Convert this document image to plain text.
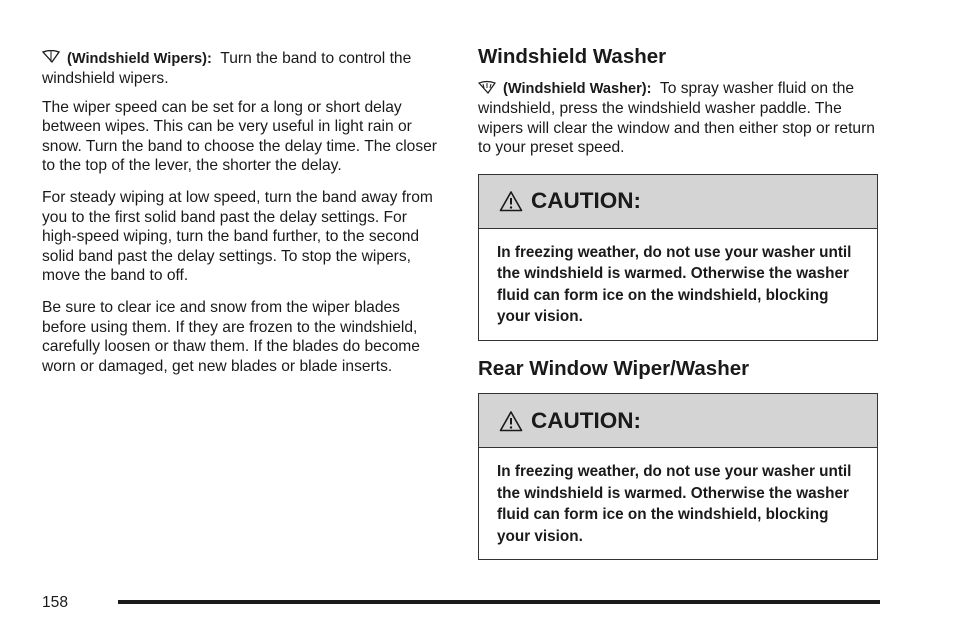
(Windshield Wipers): Turn the band to control the windshield wipers.

The wiper speed can be set for a long or short delay between wipes. This can be very useful in light rain or snow. Turn the band to choose the delay time. The closer to the top of the lever, the shorter the delay.

For steady wiping at low speed, turn the band away from you to the first solid band past the delay settings. For high-speed wiping, turn the band further, to the second solid band past the delay settings. To stop the wipers, move the band to off.

Be sure to clear ice and snow from the wiper blades before using them. If they are frozen to the windshield, carefully loosen or thaw them. If the blades do become worn or damaged, get new blades or blade inserts.

Windshield Washer

(Windshield Washer): To spray washer fluid on the windshield, press the windshield washer paddle. The wipers will clear the window and then either stop or return to your preset speed.

CAUTION:
In freezing weather, do not use your washer until the windshield is warmed. Otherwise the washer fluid can form ice on the windshield, blocking your vision.
Rear Window Wiper/Washer
CAUTION:
In freezing weather, do not use your washer until the windshield is warmed. Otherwise the washer fluid can form ice on the windshield, blocking your vision.
158
